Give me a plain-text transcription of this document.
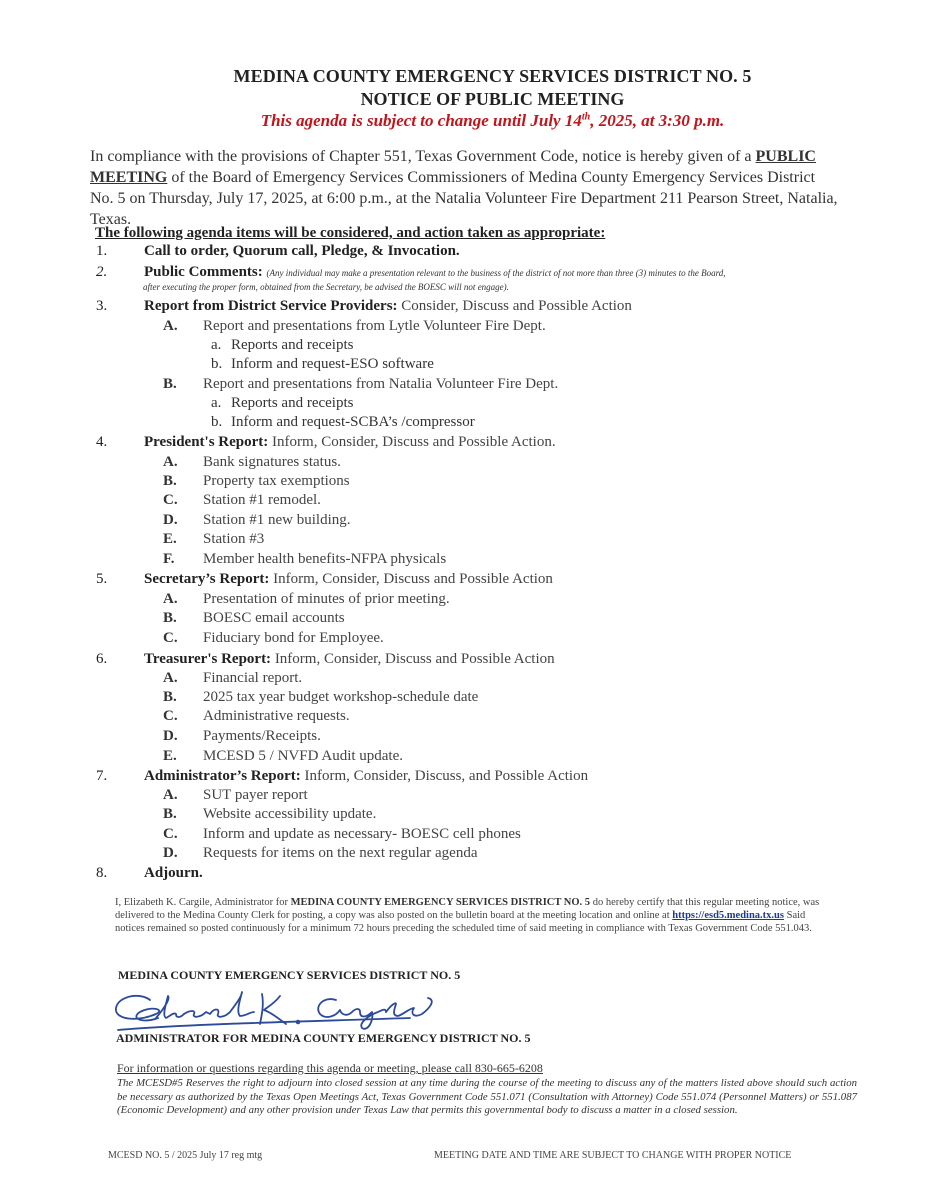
MEDINA COUNTY EMERGENCY SERVICES DISTRICT NO. 5
NOTICE OF PUBLIC MEETING
This agenda is subject to change until July 14th, 2025, at 3:30 p.m.
In compliance with the provisions of Chapter 551, Texas Government Code, notice is hereby given of a PUBLIC MEETING of the Board of Emergency Services Commissioners of Medina County Emergency Services District No. 5 on Thursday, July 17, 2025, at 6:00 p.m., at the Natalia Volunteer Fire Department 211 Pearson Street, Natalia, Texas.
The following agenda items will be considered, and action taken as appropriate:
1. Call to order, Quorum call, Pledge, & Invocation.
2. Public Comments: (Any individual may make a presentation relevant to the business of the district of not more than three (3) minutes to the Board,
after executing the proper form, obtained from the Secretary, be advised the BOESC will not engage).
3. Report from District Service Providers: Consider, Discuss and Possible Action
A. Report and presentations from Lytle Volunteer Fire Dept.
a. Reports and receipts
b. Inform and request-ESO software
B. Report and presentations from Natalia Volunteer Fire Dept.
a. Reports and receipts
b. Inform and request-SCBA’s /compressor
4. President's Report: Inform, Consider, Discuss and Possible Action.
A. Bank signatures status.
B. Property tax exemptions
C. Station #1 remodel.
D. Station #1 new building.
E. Station #3
F. Member health benefits-NFPA physicals
5. Secretary’s Report: Inform, Consider, Discuss and Possible Action
A. Presentation of minutes of prior meeting.
B. BOESC email accounts
C. Fiduciary bond for Employee.
6. Treasurer's Report: Inform, Consider, Discuss and Possible Action
A. Financial report.
B. 2025 tax year budget workshop-schedule date
C. Administrative requests.
D. Payments/Receipts.
E. MCESD 5 / NVFD Audit update.
7. Administrator’s Report: Inform, Consider, Discuss, and Possible Action
A. SUT payer report
B. Website accessibility update.
C. Inform and update as necessary- BOESC cell phones
D. Requests for items on the next regular agenda
8. Adjourn.
I, Elizabeth K. Cargile, Administrator for MEDINA COUNTY EMERGENCY SERVICES DISTRICT NO. 5 do hereby certify that this regular meeting notice, was delivered to the Medina County Clerk for posting, a copy was also posted on the bulletin board at the meeting location and online at https://esd5.medina.tx.us Said notices remained so posted continuously for a minimum 72 hours preceding the scheduled time of said meeting in compliance with Texas Government Code 551.043.
MEDINA COUNTY EMERGENCY SERVICES DISTRICT NO. 5
ADMINISTRATOR FOR MEDINA COUNTY EMERGENCY DISTRICT NO. 5
For information or questions regarding this agenda or meeting, please call 830-665-6208
The MCESD#5 Reserves the right to adjourn into closed session at any time during the course of the meeting to discuss any of the matters listed above should such action be necessary as authorized by the Texas Open Meetings Act, Texas Government Code 551.071 (Consultation with Attorney) Code 551.074 (Personnel Matters) or 551.087 (Economic Development) and any other provision under Texas Law that permits this governmental body to discuss a matter in a closed session.
MCESD NO. 5 / 2025 July 17 reg mtg	MEETING DATE AND TIME ARE SUBJECT TO CHANGE WITH PROPER NOTICE
